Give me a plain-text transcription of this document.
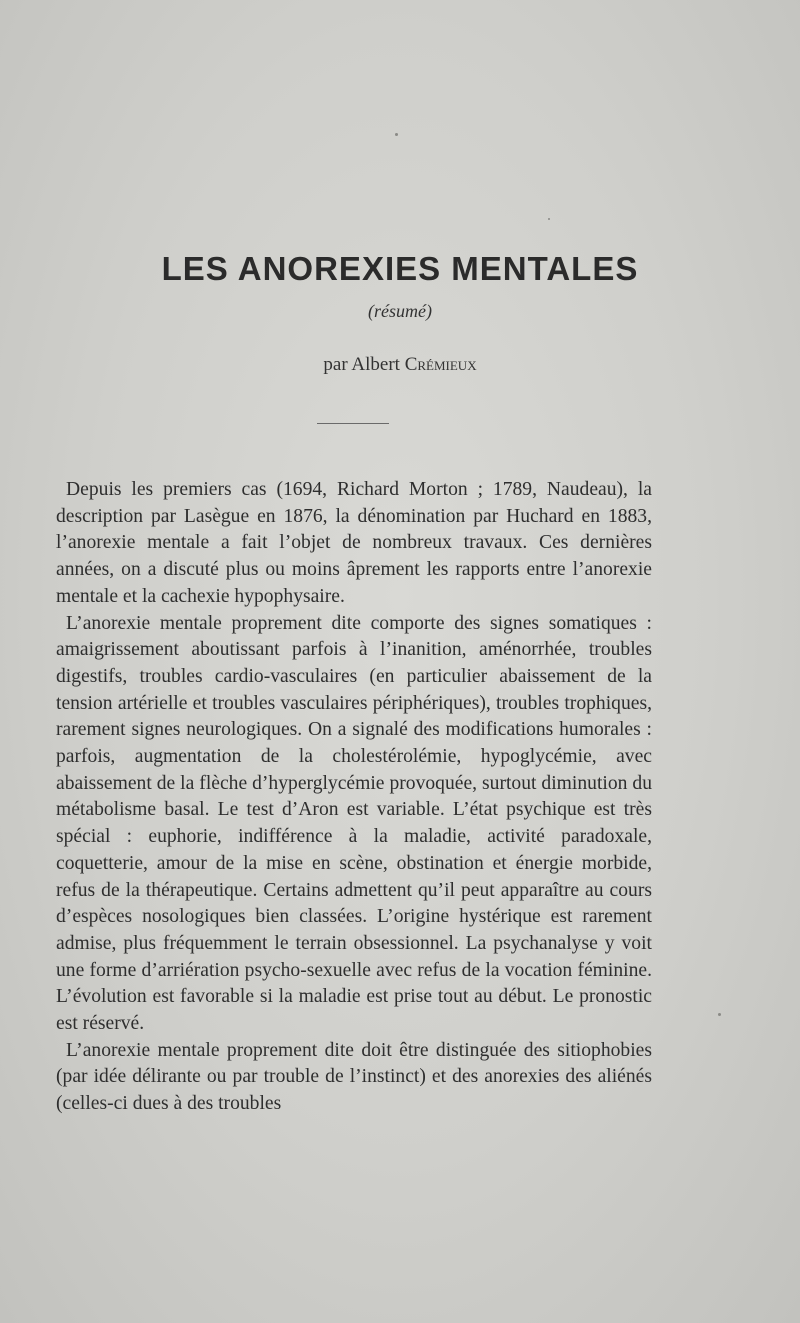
LES ANOREXIES MENTALES
(résumé)
par Albert Crémieux

Depuis les premiers cas (1694, Richard Morton ; 1789, Naudeau), la description par Lasègue en 1876, la dénomination par Huchard en 1883, l’anorexie mentale a fait l’objet de nombreux travaux. Ces dernières années, on a discuté plus ou moins âprement les rapports entre l’anorexie mentale et la cachexie hypophysaire.

L’anorexie mentale proprement dite comporte des signes somatiques : amaigrissement aboutissant parfois à l’inanition, aménorrhée, troubles digestifs, troubles cardio-vasculaires (en particulier abaissement de la tension artérielle et troubles vasculaires périphériques), troubles trophiques, rarement signes neurologiques. On a signalé des modifications humorales : parfois, augmentation de la cholestérolémie, hypoglycémie, avec abaissement de la flèche d’hyperglycémie provoquée, surtout diminution du métabolisme basal. Le test d’Aron est variable. L’état psychique est très spécial : euphorie, indifférence à la maladie, activité paradoxale, coquetterie, amour de la mise en scène, obstination et énergie morbide, refus de la thérapeutique. Certains admettent qu’il peut apparaître au cours d’espèces nosologiques bien classées. L’origine hystérique est rarement admise, plus fréquemment le terrain obsessionnel. La psychanalyse y voit une forme d’arriération psycho-sexuelle avec refus de la vocation féminine. L’évolution est favorable si la maladie est prise tout au début. Le pronostic est réservé.

L’anorexie mentale proprement dite doit être distinguée des sitiophobies (par idée délirante ou par trouble de l’instinct) et des anorexies des aliénés (celles-ci dues à des troubles
